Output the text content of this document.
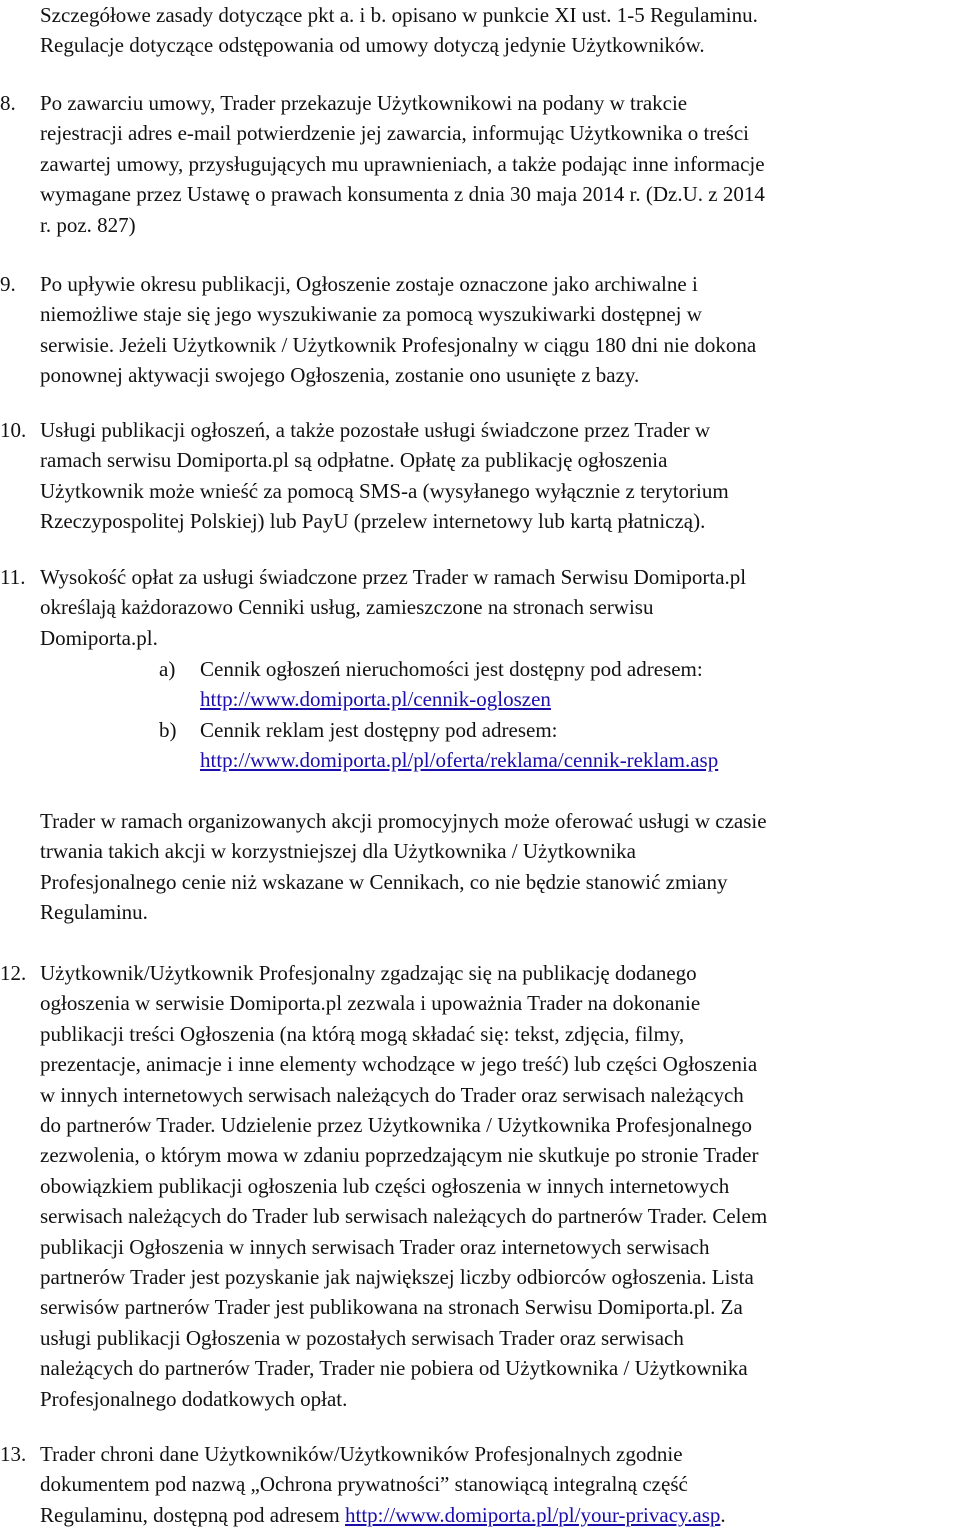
Szczegółowe zasady dotyczące pkt a. i b. opisano w punkcie XI ust. 1-5 Regulaminu.
Regulacje dotyczące odstępowania od umowy dotyczą jedynie Użytkowników.
8.	Po zawarciu umowy, Trader przekazuje Użytkownikowi na podany w trakcie
rejestracji adres e-mail potwierdzenie jej zawarcia, informując Użytkownika o treści
zawartej umowy, przysługujących mu uprawnieniach, a także podając inne informacje
wymagane przez Ustawę o prawach konsumenta z dnia 30 maja 2014 r. (Dz.U. z 2014
r. poz. 827)
9.	Po upływie okresu publikacji, Ogłoszenie zostaje oznaczone jako archiwalne i
niemożliwe staje się jego wyszukiwanie za pomocą wyszukiwarki dostępnej w
serwisie. Jeżeli Użytkownik / Użytkownik Profesjonalny w ciągu 180 dni nie dokona
ponownej aktywacji swojego Ogłoszenia, zostanie ono usunięte z bazy.
10. Usługi publikacji ogłoszeń, a także pozostałe usługi świadczone przez Trader w
ramach serwisu Domiporta.pl są odpłatne. Opłatę za publikację ogłoszenia
Użytkownik może wnieść za pomocą SMS-a (wysyłanego wyłącznie z terytorium
Rzeczypospolitej Polskiej) lub PayU (przelew internetowy lub kartą płatniczą).
11. Wysokość opłat za usługi świadczone przez Trader w ramach Serwisu Domiporta.pl
określają każdorazowo Cenniki usług, zamieszczone na stronach serwisu
Domiporta.pl.
a)	Cennik ogłoszeń nieruchomości jest dostępny pod adresem:
http://www.domiporta.pl/cennik-ogloszen
b)	Cennik reklam jest dostępny pod adresem:
http://www.domiporta.pl/pl/oferta/reklama/cennik-reklam.asp
Trader w ramach organizowanych akcji promocyjnych może oferować usługi w czasie
trwania takich akcji w korzystniejszej dla Użytkownika / Użytkownika
Profesjonalnego cenie niż wskazane w Cennikach, co nie będzie stanowić zmiany
Regulaminu.
12. Użytkownik/Użytkownik Profesjonalny zgadzając się na publikację dodanego
ogłoszenia w serwisie Domiporta.pl zezwala i upoważnia Trader na dokonanie
publikacji treści Ogłoszenia (na którą mogą składać się: tekst, zdjęcia, filmy,
prezentacje, animacje i inne elementy wchodzące w jego treść) lub części Ogłoszenia
w innych internetowych serwisach należących do Trader oraz serwisach należących
do partnerów Trader. Udzielenie przez Użytkownika / Użytkownika Profesjonalnego
zezwolenia, o którym mowa w zdaniu poprzedzającym nie skutkuje po stronie Trader
obowiązkiem publikacji ogłoszenia lub części ogłoszenia w innych internetowych
serwisach należących do Trader lub serwisach należących do partnerów Trader. Celem
publikacji Ogłoszenia w innych serwisach Trader oraz internetowych serwisach
partnerów Trader jest pozyskanie jak największej liczby odbiorców ogłoszenia. Lista
serwisów partnerów Trader jest publikowana na stronach Serwisu Domiporta.pl. Za
usługi publikacji Ogłoszenia w pozostałych serwisach Trader oraz serwisach
należących do partnerów Trader, Trader nie pobiera od Użytkownika / Użytkownika
Profesjonalnego dodatkowych opłat.
13. Trader chroni dane Użytkowników/Użytkowników Profesjonalnych zgodnie
dokumentem pod nazwą „Ochrona prywatności” stanowiącą integralną część
Regulaminu, dostępną pod adresem http://www.domiporta.pl/pl/your-privacy.asp.
